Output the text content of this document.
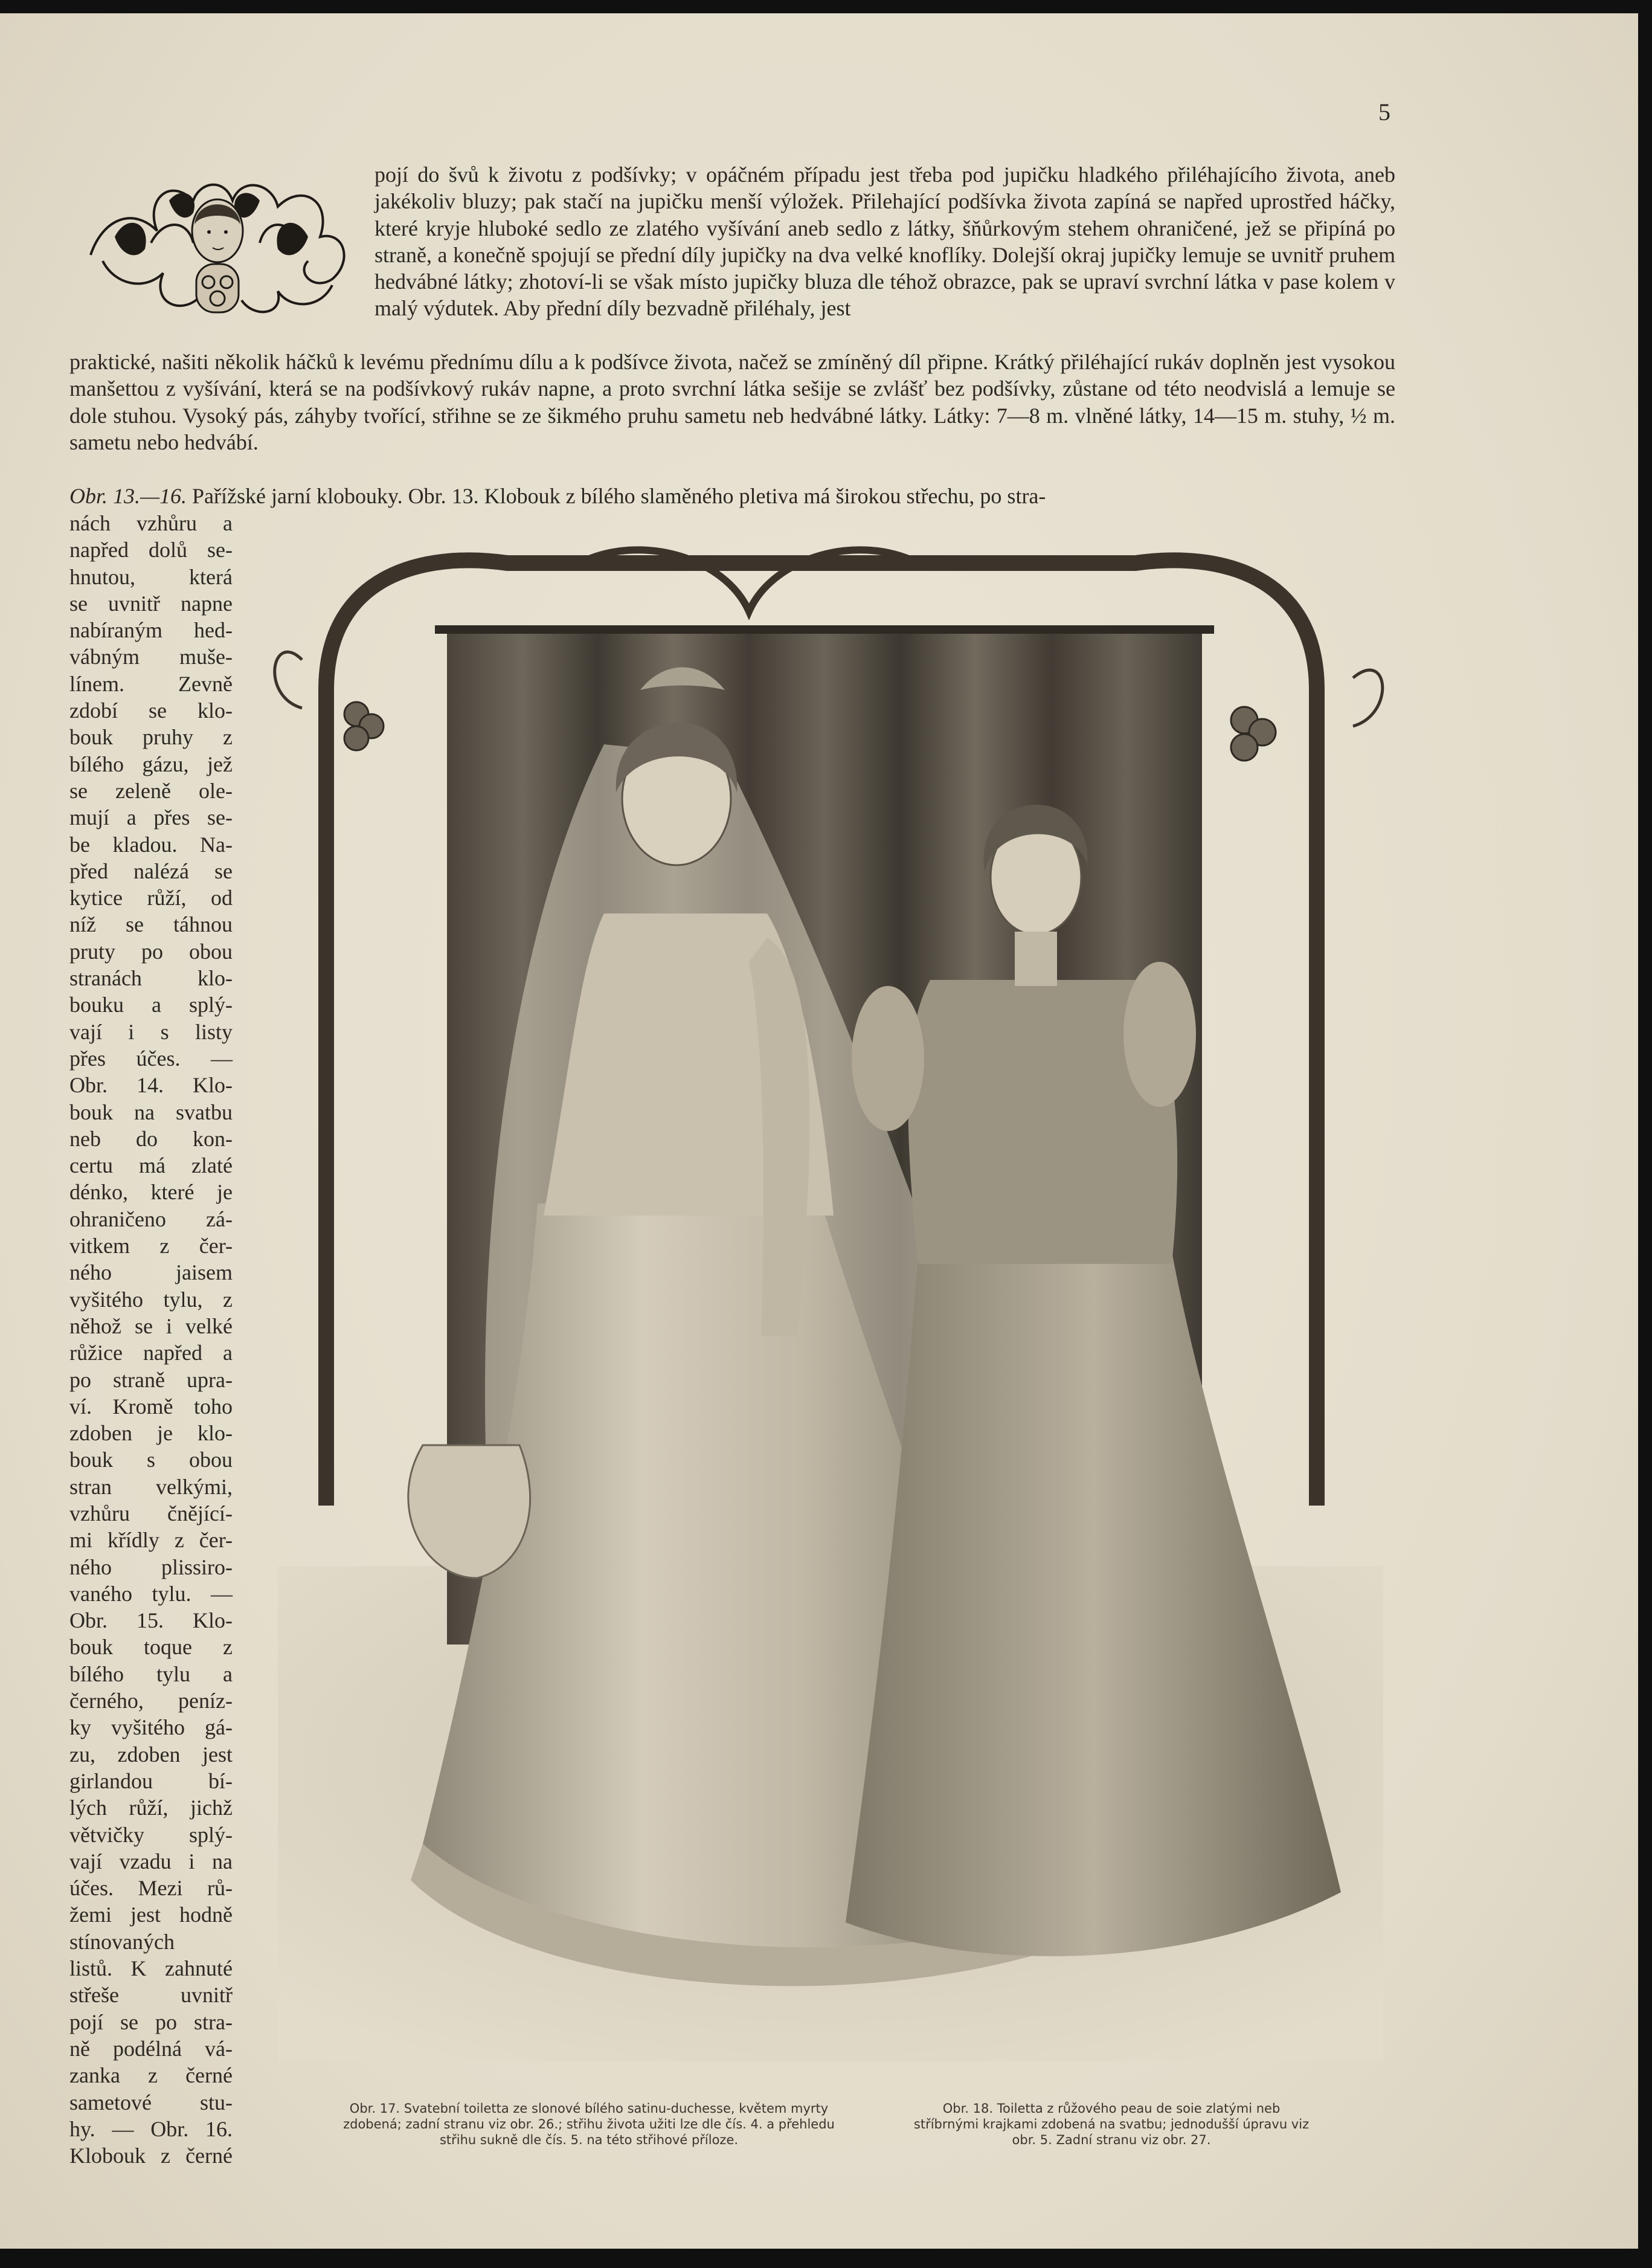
5
pojí do švů k životu z podšívky; v opáčném případu jest třeba pod jupičku hladkého přiléhajícího života, aneb jakékoliv bluzy; pak stačí na jupičku menší výložek. Přilehající podšívka života zapíná se napřed uprostřed háčky, které kryje hluboké sedlo ze zlatého vyšívání aneb sedlo z látky, šňůrkovým stehem ohraničené, jež se připíná po straně, a konečně spojují se přední díly jupičky na dva velké knoflíky. Dolejší okraj jupičky lemuje se uvnitř pruhem hedvábné látky; zhotoví-li se však místo jupičky bluza dle téhož obrazce, pak se upraví svrchní látka v pase kolem v malý výdutek. Aby přední díly bezvadně přiléhaly, jest
praktické, našiti několik háčků k levému přednímu dílu a k podšívce života, načež se zmíněný díl připne. Krátký přiléhající rukáv doplněn jest vysokou manšettou z vyšívání, která se na podšívkový rukáv napne, a proto svrchní látka sešije se zvlášť bez podšívky, zůstane od této neodvislá a lemuje se dole stuhou. Vysoký pás, záhyby tvořící, střihne se ze šikmého pruhu sametu neb hedvábné látky. Látky: 7—8 m. vlněné látky, 14—15 m. stuhy, ½ m. sametu nebo hedvábí.
Obr. 13.—16. Pařížské jarní klobouky. Obr. 13. Klobouk z bílého slaměného pletiva má širokou střechu, po stra-
nách vzhůru a
napřed dolů se-
hnutou, která
se uvnitř napne
nabíraným hed-
vábným muše-
línem. Zevně
zdobí se klo-
bouk pruhy z
bílého gázu, jež
se zeleně ole-
mují a přes se-
be kladou. Na-
před nalézá se
kytice růží, od
níž se táhnou
pruty po obou
stranách klo-
bouku a splý-
vají i s listy
přes účes. —
Obr. 14. Klo-
bouk na svatbu
neb do kon-
certu má zlaté
dénko, které je
ohraničeno zá-
vitkem z čer-
ného jaisem
vyšitého tylu, z
něhož se i velké
růžice napřed a
po straně upra-
ví. Kromě toho
zdoben je klo-
bouk s obou
stran velkými,
vzhůru čnějící-
mi křídly z čer-
ného plissiro-
vaného tylu. —
Obr. 15. Klo-
bouk toque z
bílého tylu a
černého, peníz-
ky vyšitého gá-
zu, zdoben jest
girlandou bí-
lých růží, jichž
větvičky splý-
vají vzadu i na
účes. Mezi rů-
žemi jest hodně
stínovaných
listů. K zahnuté
střeše uvnitř
pojí se po stra-
ně podélná vá-
zanka z černé
sametové stu-
hy. — Obr. 16.
Klobouk z černé
Obr. 17. Svatební toiletta ze slonové bílého satinu-duchesse, květem myrty zdobená; zadní stranu viz obr. 26.; střihu života užiti lze dle čís. 4. a přehledu střihu sukně dle čís. 5. na této střihové příloze.
Obr. 18. Toiletta z růžového peau de soie zlatými neb stříbrnými krajkami zdobená na svatbu; jednodušší úpravu viz obr. 5. Zadní stranu viz obr. 27.
